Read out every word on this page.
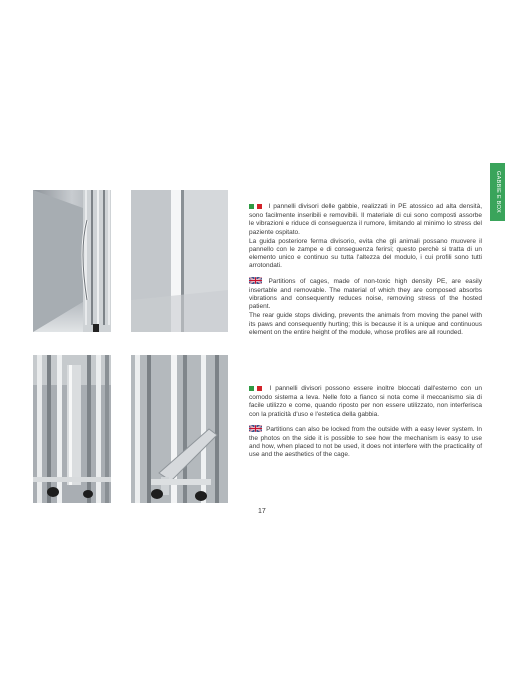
GABBIE E BOX

I pannelli divisori delle gabbie, realizzati in PE atossico ad alta densità, sono facilmente inseribili e removibili. Il materiale di cui sono composti assorbe le vibrazioni e riduce di conseguenza il rumore, limitando al minimo lo stress del paziente ospitato.

La guida posteriore ferma divisorio, evita che gli animali possano muovere il pannello con le zampe e di conseguenza ferirsi; questo perchè si tratta di un elemento unico e continuo su tutta l'altezza del modulo, i cui profili sono tutti arrotondati.

Partitions of cages, made of non-toxic high density PE, are easily insertable and removable. The material of which they are composed absorbs vibrations and consequently reduces noise, removing stress of the hosted patient.

The rear guide stops dividing, prevents the animals from moving the panel with its paws and consequently hurting; this is because it is a unique and continuous element on the entire height of the module, whose profiles are all rounded.

I pannelli divisori possono essere inoltre bloccati dall'esterno con un comodo sistema a leva. Nelle foto a fianco si nota come il meccanismo sia di facile utilizzo e come, quando riposto per non essere utilizzato, non interferisca con la praticità d'uso e l'estetica della gabbia.

Partitions can also be locked from the outside with a easy lever system. In the photos on the side it is possible to see how the mechanism is easy to use and how, when placed to not be used, it does not interfere with the practicality of use and the aesthetics of the cage.

17
